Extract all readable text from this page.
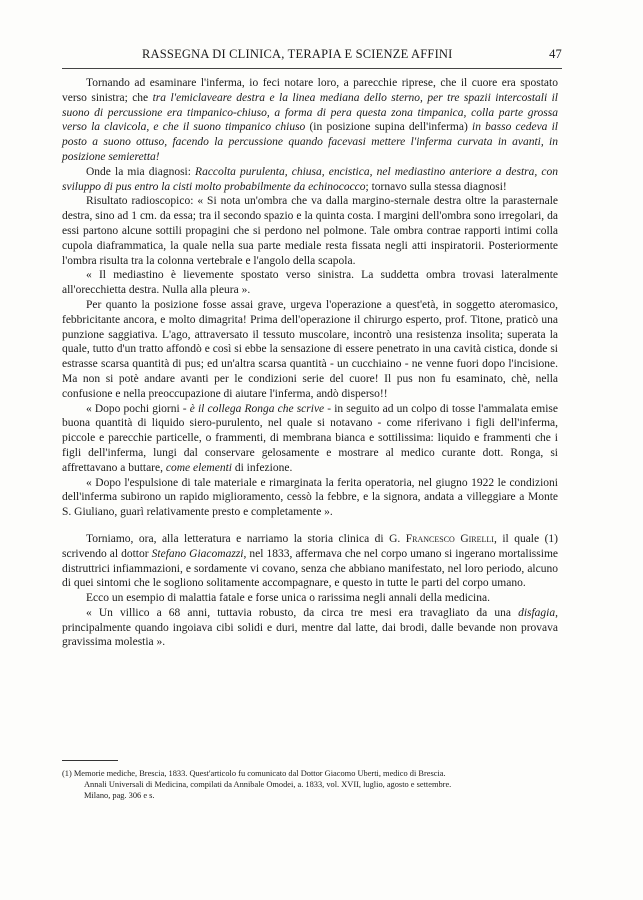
RASSEGNA DI CLINICA, TERAPIA E SCIENZE AFFINI	47

Tornando ad esaminare l'inferma, io feci notare loro, a parecchie riprese, che il cuore era spostato verso sinistra; che tra l'emiclaveare destra e la linea mediana dello sterno, per tre spazii intercostali il suono di percussione era timpanico-chiuso, a forma di pera questa zona timpanica, colla parte grossa verso la clavicola, e che il suono timpanico chiuso (in posizione supina dell'inferma) in basso cedeva il posto a suono ottuso, facendo la percussione quando facevasi mettere l'inferma curvata in avanti, in posizione semieretta!

Onde la mia diagnosi: Raccolta purulenta, chiusa, encistica, nel mediastino anteriore a destra, con sviluppo di pus entro la cisti molto probabilmente da echinococco; tornavo sulla stessa diagnosi!

Risultato radioscopico: « Si nota un'ombra che va dalla margino-sternale destra oltre la parasternale destra, sino ad 1 cm. da essa; tra il secondo spazio e la quinta costa. I margini dell'ombra sono irregolari, da essi partono alcune sottili propagini che si perdono nel polmone. Tale ombra contrae rapporti intimi colla cupola diaframmatica, la quale nella sua parte mediale resta fissata negli atti inspiratorii. Posteriormente l'ombra risulta tra la colonna vertebrale e l'angolo della scapola.

« Il mediastino è lievemente spostato verso sinistra. La suddetta ombra trovasi lateralmente all'orecchietta destra. Nulla alla pleura ».

Per quanto la posizione fosse assai grave, urgeva l'operazione a quest'età, in soggetto ateromasico, febbricitante ancora, e molto dimagrita! Prima dell'operazione il chirurgo esperto, prof. Titone, praticò una punzione saggiativa. L'ago, attraversato il tessuto muscolare, incontrò una resistenza insolita; superata la quale, tutto d'un tratto affondò e così si ebbe la sensazione di essere penetrato in una cavità cistica, donde si estrasse scarsa quantità di pus; ed un'altra scarsa quantità - un cucchiaino - ne venne fuori dopo l'incisione. Ma non si potè andare avanti per le condizioni serie del cuore! Il pus non fu esaminato, chè, nella confusione e nella preoccupazione di aiutare l'inferma, andò disperso!!

« Dopo pochi giorni - è il collega Ronga che scrive - in seguito ad un colpo di tosse l'ammalata emise buona quantità di liquido siero-purulento, nel quale si notavano - come riferivano i figli dell'inferma, piccole e parecchie particelle, o frammenti, di membrana bianca e sottilissima: liquido e frammenti che i figli dell'inferma, lungi dal conservare gelosamente e mostrare al medico curante dott. Ronga, si affrettavano a buttare, come elementi di infezione.

« Dopo l'espulsione di tale materiale e rimarginata la ferita operatoria, nel giugno 1922 le condizioni dell'inferma subirono un rapido miglioramento, cessò la febbre, e la signora, andata a villeggiare a Monte S. Giuliano, guarì relativamente presto e completamente ».

Torniamo, ora, alla letteratura e narriamo la storia clinica di G. Francesco Girelli, il quale (1) scrivendo al dottor Stefano Giacomazzi, nel 1833, affermava che nel corpo umano si ingerano mortalissime distruttrici infiammazioni, e sordamente vi covano, senza che abbiano manifestato, nel loro periodo, alcuno di quei sintomi che le sogliono solitamente accompagnare, e questo in tutte le parti del corpo umano.

Ecco un esempio di malattia fatale e forse unica o rarissima negli annali della medicina.

« Un villico a 68 anni, tuttavia robusto, da circa tre mesi era travagliato da una disfagia, principalmente quando ingoiava cibi solidi e duri, mentre dal latte, dai brodi, dalle bevande non provava gravissima molestia ».

(1) Memorie mediche, Brescia, 1833. Quest'articolo fu comunicato dal Dottor Giacomo Uberti, medico di Brescia.

Annali Universali di Medicina, compilati da Annibale Omodei, a. 1833, vol. XVII, luglio, agosto e settembre.

Milano, pag. 306 e s.
